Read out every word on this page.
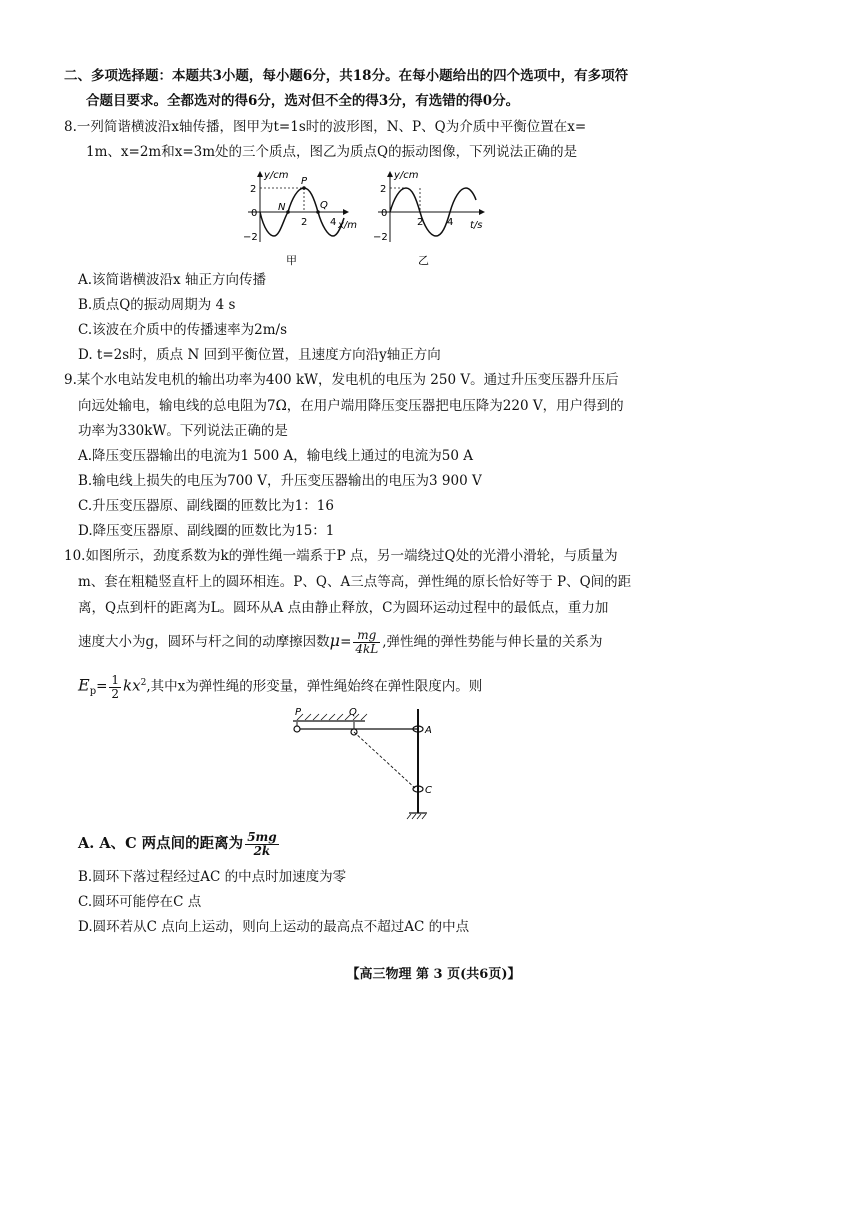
二、多项选择题：本题共3小题，每小题6分，共18分。在每小题给出的四个选项中，有多项符
合题目要求。全都选对的得6分，选对但不全的得3分，有选错的得0分。
8.一列简谐横波沿x轴传播，图甲为t=1s时的波形图，N、P、Q为介质中平衡位置在x=
1m、x=2m和x=3m处的三个质点，图乙为质点Q的振动图像，下列说法正确的是
y/cm
2
0
−2
2 4 x/m
P
N	Q
甲
y/cm
2
0
−2
2 4 t/s
乙
A.该简谐横波沿x 轴正方向传播
B.质点Q的振动周期为 4 s
C.该波在介质中的传播速率为2m/s
D. t=2s时，质点 N 回到平衡位置，且速度方向沿y轴正方向
9.某个水电站发电机的输出功率为400 kW，发电机的电压为 250 V。通过升压变压器升压后
向远处输电，输电线的总电阻为7Ω，在用户端用降压变压器把电压降为220 V，用户得到的
功率为330kW。下列说法正确的是
A.降压变压器输出的电流为1 500 A，输电线上通过的电流为50 A
B.输电线上损失的电压为700 V，升压变压器输出的电压为3 900 V
C.升压变压器原、副线圈的匝数比为1：16
D.降压变压器原、副线圈的匝数比为15：1
10.如图所示，劲度系数为k的弹性绳一端系于P 点，另一端绕过Q处的光滑小滑轮，与质量为
m、套在粗糙竖直杆上的圆环相连。P、Q、A三点等高，弹性绳的原长恰好等于 P、Q间的距
离，Q点到杆的距离为L。圆环从A 点由静止释放，C为圆环运动过程中的最低点，重力加
速度大小为g，圆环与杆之间的动摩擦因数$\mu= \frac{mg}{4kL}$ ,弹性绳的弹性势能与伸长量的关系为
$E_p= \frac{1}{2} kx^2$,其中x为弹性绳的形变量，弹性绳始终在弹性限度内。则
P	Q
A
C
A. A、C 两点间的距离为 $\frac{5mg}{2k}$
B.圆环下落过程经过AC 的中点时加速度为零
C.圆环可能停在C 点
D.圆环若从C 点向上运动，则向上运动的最高点不超过AC 的中点
【高三物理 第 3 页(共6页)】
